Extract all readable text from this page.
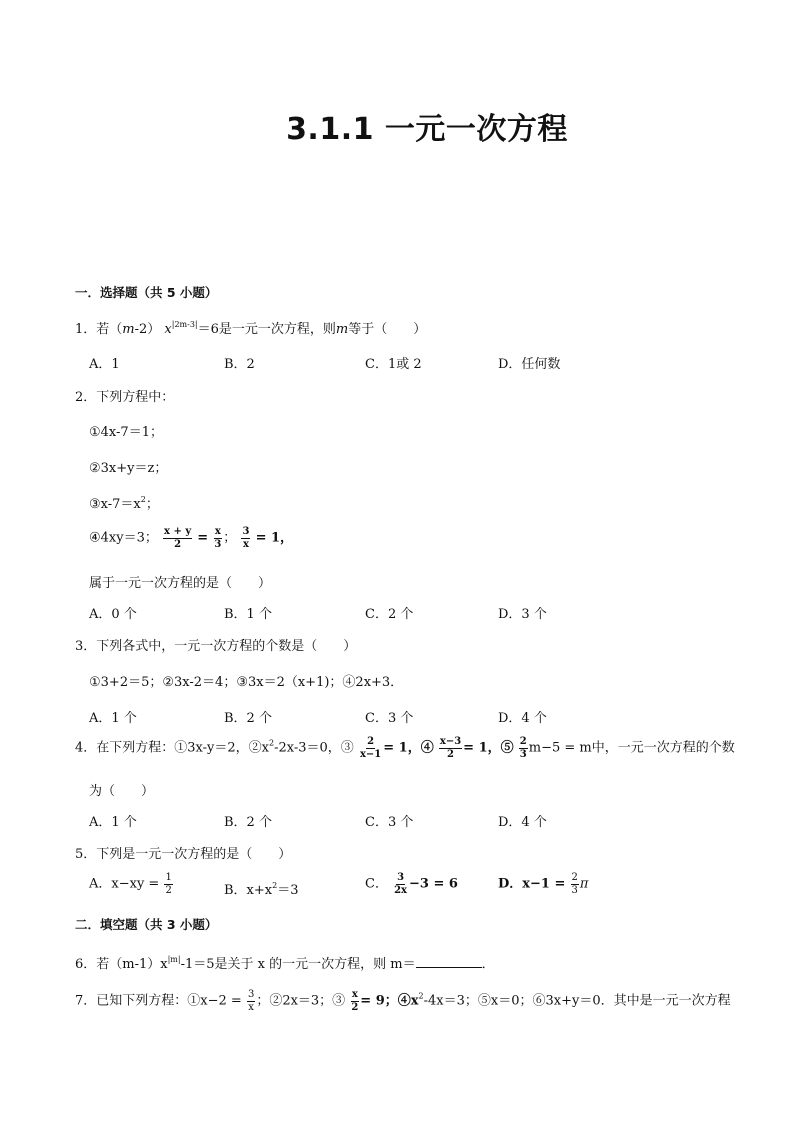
3.1.1 一元一次方程
一．选择题（共 5 小题）
1．若（m-2） $x^{|2m-3|}=6$是一元一次方程，则m等于（　　）
A．1	B．2	C．1或 2	D．任何数
2．下列方程中：
①4x-7＝1；
②3x+y＝z；
$③x-7=x^2$；
④4xy＝3； $\frac{x + y}{2} = \frac{x}{3}$ ； $\frac{3}{x} = 1$，
属于一元一次方程的是（　　）
A．0 个	B．1 个	C．2 个	D．3 个
3．下列各式中，一元一次方程的个数是（　　）
①3+2＝5；②3x-2＝4；③3x＝2（x+1)；④2x+3．
A．1 个	B．2 个	C．3 个	D．4 个
4．在下列方程：①3x-y＝2，$②x^2-2x-3=0$，③ $\frac{2}{x-1} = 1$，④ $\frac{x-3}{2} = 1$，⑤ $\frac{2}{3} m-5 = m$中，一元一次方程的个数
为（　　）
A．1 个	B．2 个	C．3 个	D．4 个
5．下列是一元一次方程的是（　　）
A．$x-xy = \frac{1}{2}$	B．$x+x^2=3$	C． $\frac{3}{2x} -3 = 6$	D．$x-1 = \frac{2}{3}$ π
二．填空题（共 3 小题）
6．若$(m-1)x^{|m|}-1=5$是关于 x 的一元一次方程，则 m＝	．
7．已知下列方程：①x−2 = $\frac{3}{x}$ ；②2x＝3；③ $\frac{x}{2} = 9$；$④x^2-4x=3$；⑤x＝0；⑥3x+y＝0．其中是一元一次方程
